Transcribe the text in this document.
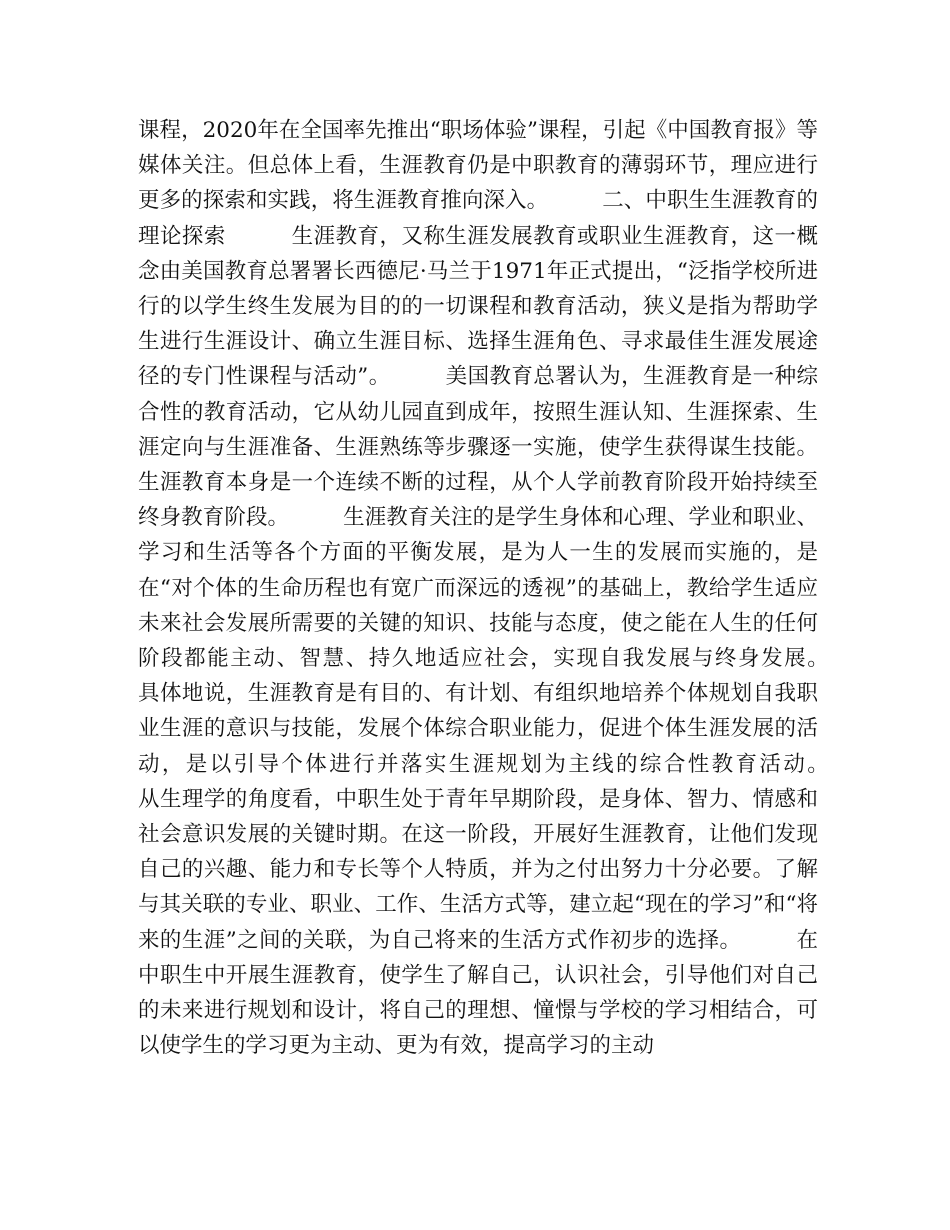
课程，2020年在全国率先推出“职场体验”课程，引起《中国教育报》等媒体关注。但总体上看，生涯教育仍是中职教育的薄弱环节，理应进行更多的探索和实践，将生涯教育推向深入。　　　二、中职生生涯教育的理论探索　　　生涯教育，又称生涯发展教育或职业生涯教育，这一概念由美国教育总署署长西德尼·马兰于1971年正式提出，“泛指学校所进行的以学生终生发展为目的的一切课程和教育活动，狭义是指为帮助学生进行生涯设计、确立生涯目标、选择生涯角色、寻求最佳生涯发展途径的专门性课程与活动”。　　　美国教育总署认为，生涯教育是一种综合性的教育活动，它从幼儿园直到成年，按照生涯认知、生涯探索、生涯定向与生涯准备、生涯熟练等步骤逐一实施，使学生获得谋生技能。生涯教育本身是一个连续不断的过程，从个人学前教育阶段开始持续至终身教育阶段。　　　生涯教育关注的是学生身体和心理、学业和职业、学习和生活等各个方面的平衡发展，是为人一生的发展而实施的，是在“对个体的生命历程也有宽广而深远的透视”的基础上，教给学生适应未来社会发展所需要的关键的知识、技能与态度，使之能在人生的任何阶段都能主动、智慧、持久地适应社会，实现自我发展与终身发展。　　　具体地说，生涯教育是有目的、有计划、有组织地培养个体规划自我职业生涯的意识与技能，发展个体综合职业能力，促进个体生涯发展的活动，是以引导个体进行并落实生涯规划为主线的综合性教育活动。　　　从生理学的角度看，中职生处于青年早期阶段，是身体、智力、情感和社会意识发展的关键时期。在这一阶段，开展好生涯教育，让他们发现自己的兴趣、能力和专长等个人特质，并为之付出努力十分必要。了解与其关联的专业、职业、工作、生活方式等，建立起“现在的学习”和“将来的生涯”之间的关联，为自己将来的生活方式作初步的选择。　　　在中职生中开展生涯教育，使学生了解自己，认识社会，引导他们对自己的未来进行规划和设计，将自己的理想、憧憬与学校的学习相结合，可以使学生的学习更为主动、更为有效，提高学习的主动
